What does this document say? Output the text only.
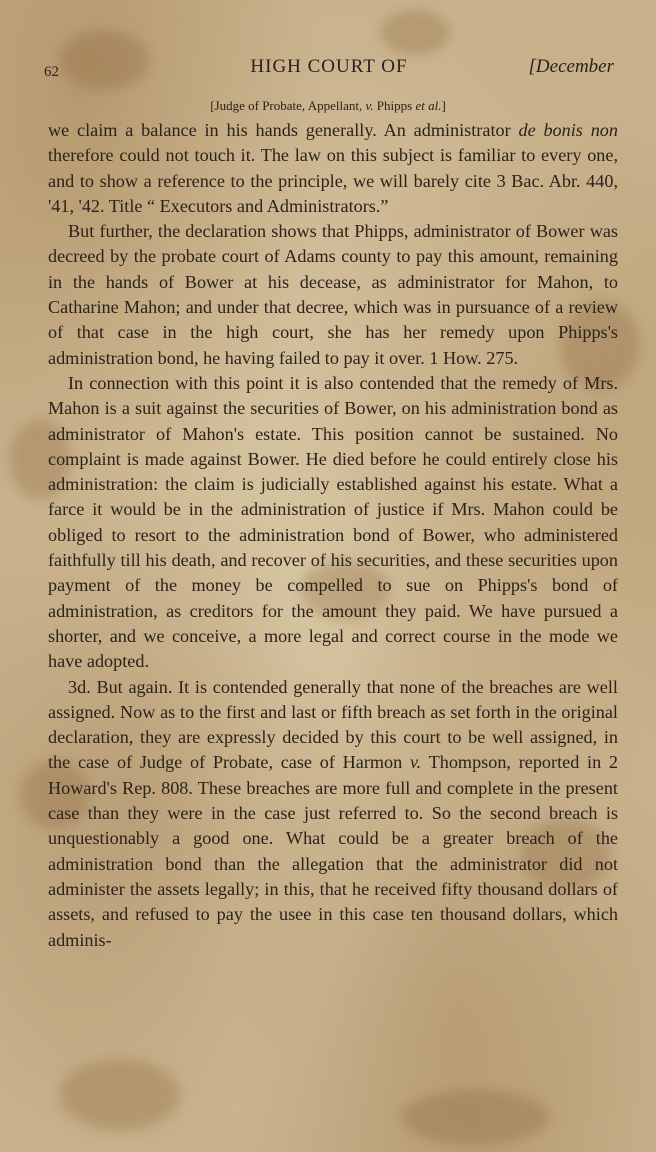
62	HIGH COURT OF	[December
[Judge of Probate, Appellant, v. Phipps et al.]

we claim a balance in his hands generally. An administrator de bonis non therefore could not touch it. The law on this subject is familiar to every one, and to show a reference to the principle, we will barely cite 3 Bac. Abr. 440, '41, '42. Title “ Executors and Administrators.”

But further, the declaration shows that Phipps, administrator of Bower was decreed by the probate court of Adams county to pay this amount, remaining in the hands of Bower at his decease, as administrator for Mahon, to Catharine Mahon; and under that decree, which was in pursuance of a review of that case in the high court, she has her remedy upon Phipps's administration bond, he having failed to pay it over. 1 How. 275.

In connection with this point it is also contended that the remedy of Mrs. Mahon is a suit against the securities of Bower, on his administration bond as administrator of Mahon's estate. This position cannot be sustained. No complaint is made against Bower. He died before he could entirely close his administration: the claim is judicially established against his estate. What a farce it would be in the administration of justice if Mrs. Mahon could be obliged to resort to the administration bond of Bower, who administered faithfully till his death, and recover of his securities, and these securities upon payment of the money be compelled to sue on Phipps's bond of administration, as creditors for the amount they paid. We have pursued a shorter, and we conceive, a more legal and correct course in the mode we have adopted.

3d. But again. It is contended generally that none of the breaches are well assigned. Now as to the first and last or fifth breach as set forth in the original declaration, they are expressly decided by this court to be well assigned, in the case of Judge of Probate, case of Harmon v. Thompson, reported in 2 Howard's Rep. 808. These breaches are more full and complete in the present case than they were in the case just referred to. So the second breach is unquestionably a good one. What could be a greater breach of the administration bond than the allegation that the administrator did not administer the assets legally; in this, that he received fifty thousand dollars of assets, and refused to pay the usee in this case ten thousand dollars, which adminis-
